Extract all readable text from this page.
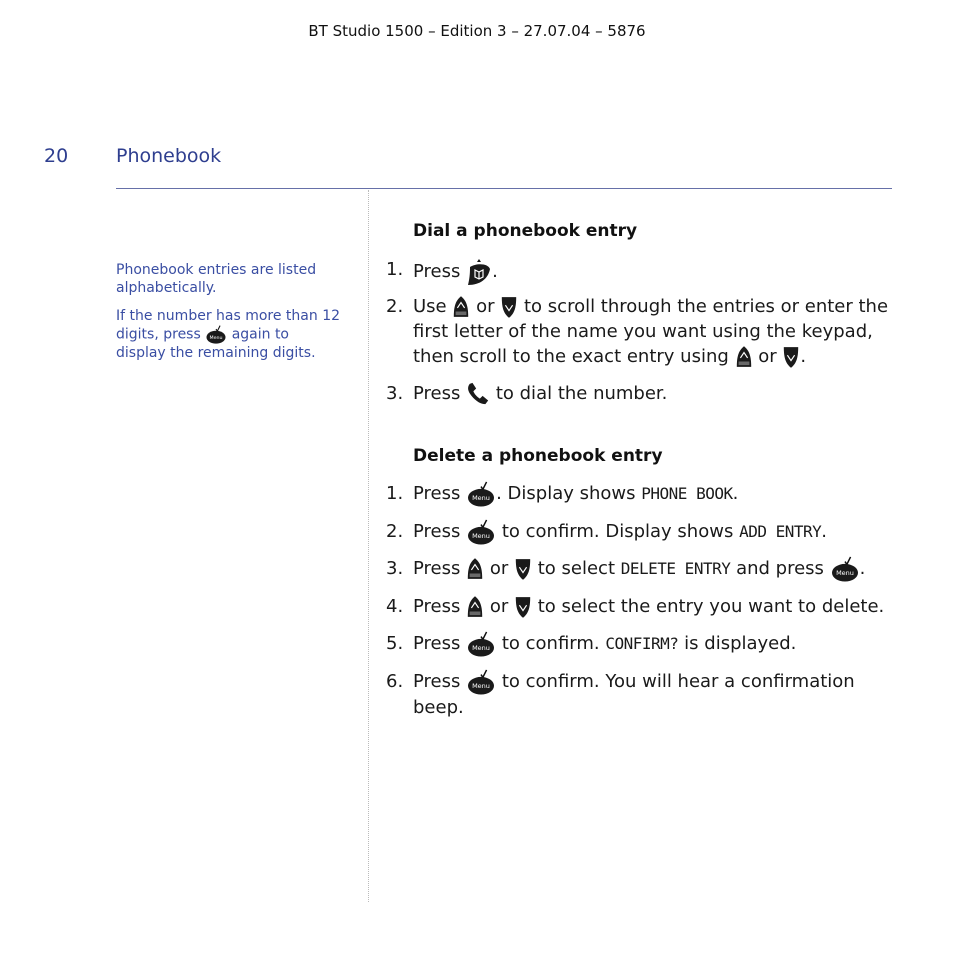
BT Studio 1500 – Edition 3 – 27.07.04 – 5876
20	Phonebook
Phonebook entries are listed alphabetically.
If the number has more than 12 digits, press again to display the remaining digits.
Dial a phonebook entry
1. Press .
2. Use or to scroll through the entries or enter the first letter of the name you want using the keypad, then scroll to the exact entry using or .
3. Press to dial the number.
Delete a phonebook entry
1. Press . Display shows PHONE BOOK.
2. Press to confirm. Display shows ADD ENTRY.
3. Press or to select DELETE ENTRY and press .
4. Press or to select the entry you want to delete.
5. Press to confirm. CONFIRM? is displayed.
6. Press to confirm. You will hear a confirmation beep.
